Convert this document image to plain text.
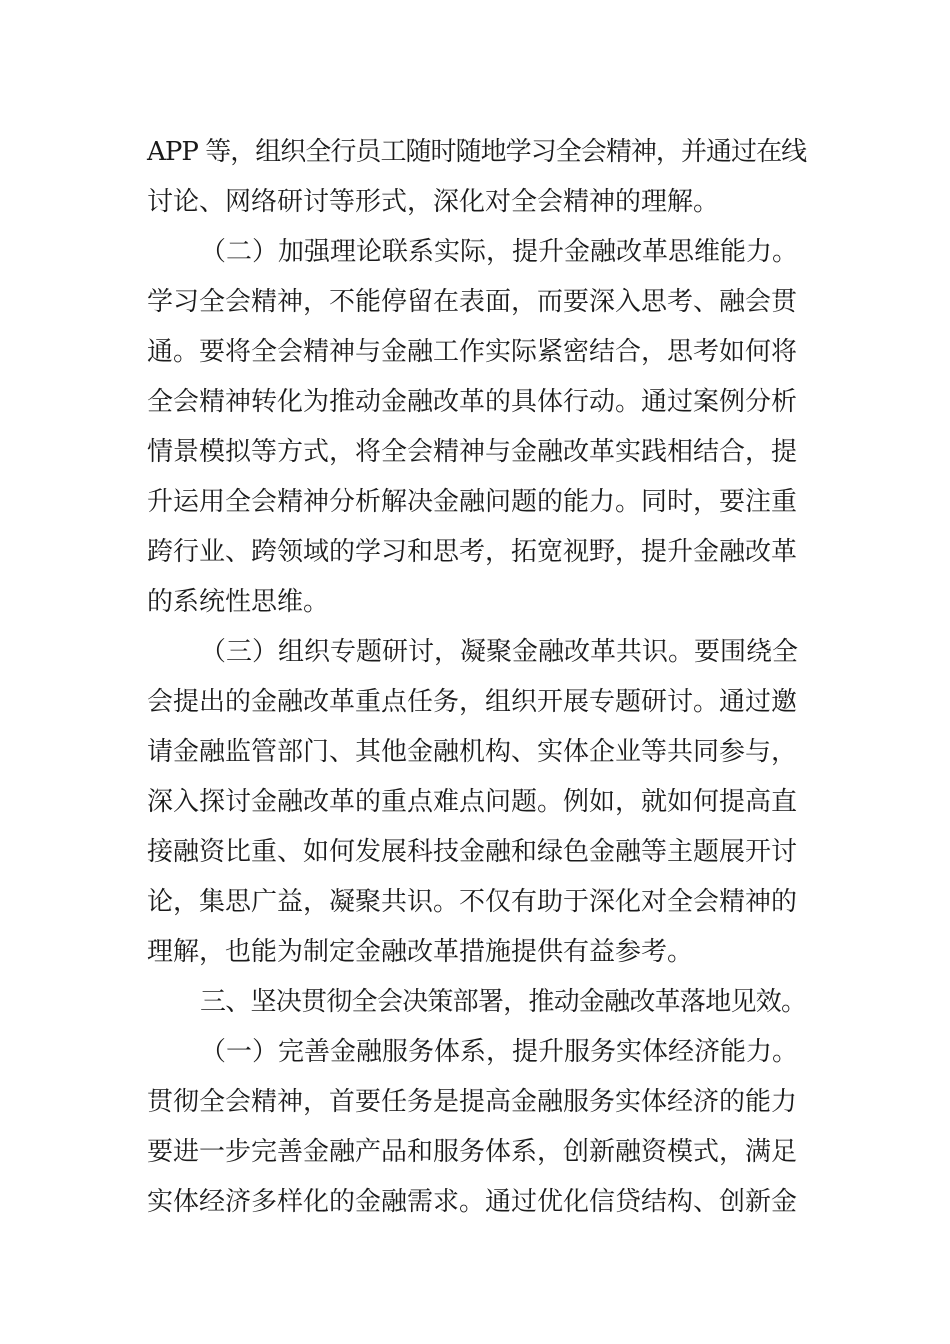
APP 等，组织全行员工随时随地学习全会精神，并通过在线
讨论、网络研讨等形式，深化对全会精神的理解。
（二）加强理论联系实际，提升金融改革思维能力。
学习全会精神，不能停留在表面，而要深入思考、融会贯
通。要将全会精神与金融工作实际紧密结合，思考如何将
全会精神转化为推动金融改革的具体行动。通过案例分析
情景模拟等方式，将全会精神与金融改革实践相结合，提
升运用全会精神分析解决金融问题的能力。同时，要注重
跨行业、跨领域的学习和思考，拓宽视野，提升金融改革
的系统性思维。
（三）组织专题研讨，凝聚金融改革共识。要围绕全
会提出的金融改革重点任务，组织开展专题研讨。通过邀
请金融监管部门、其他金融机构、实体企业等共同参与，
深入探讨金融改革的重点难点问题。例如，就如何提高直
接融资比重、如何发展科技金融和绿色金融等主题展开讨
论，集思广益，凝聚共识。不仅有助于深化对全会精神的
理解，也能为制定金融改革措施提供有益参考。
三、坚决贯彻全会决策部署，推动金融改革落地见效。
（一）完善金融服务体系，提升服务实体经济能力。
贯彻全会精神，首要任务是提高金融服务实体经济的能力
要进一步完善金融产品和服务体系，创新融资模式，满足
实体经济多样化的金融需求。通过优化信贷结构、创新金
